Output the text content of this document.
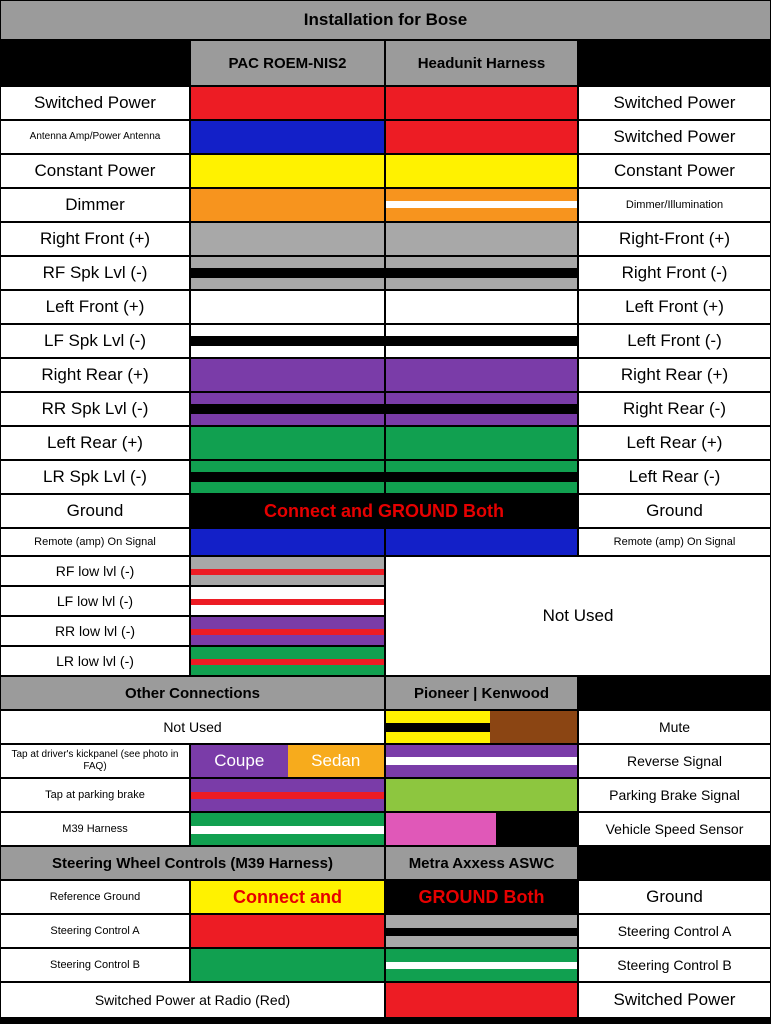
Installation for Bose
PAC ROEM-NIS2	Headunit Harness
Switched Power	Switched Power
Antenna Amp/Power Antenna	Switched Power
Constant Power	Constant Power
Dimmer	Dimmer/Illumination
Right Front (+)	Right-Front (+)
RF Spk Lvl (-)	Right Front (-)
Left Front (+)	Left Front (+)
LF Spk Lvl (-)	Left Front (-)
Right Rear (+)	Right Rear (+)
RR Spk Lvl (-)	Right Rear (-)
Left Rear (+)	Left Rear (+)
LR Spk Lvl (-)	Left Rear (-)
Ground	Connect and GROUND Both	Ground
Remote (amp) On Signal	Remote (amp) On Signal
RF low lvl (-)
LF low lvl (-)
RR low lvl (-)
LR low lvl (-)
Not Used
Other Connections	Pioneer | Kenwood
Not Used	Mute
Tap at driver's kickpanel (see photo in FAQ)	Coupe	Sedan	Reverse Signal
Tap at parking brake	Parking Brake Signal
M39 Harness	Vehicle Speed Sensor
Steering Wheel Controls (M39 Harness)	Metra Axxess ASWC
Reference Ground	Connect and	GROUND Both	Ground
Steering Control A	Steering Control A
Steering Control B	Steering Control B
Switched Power at Radio (Red)	Switched Power
